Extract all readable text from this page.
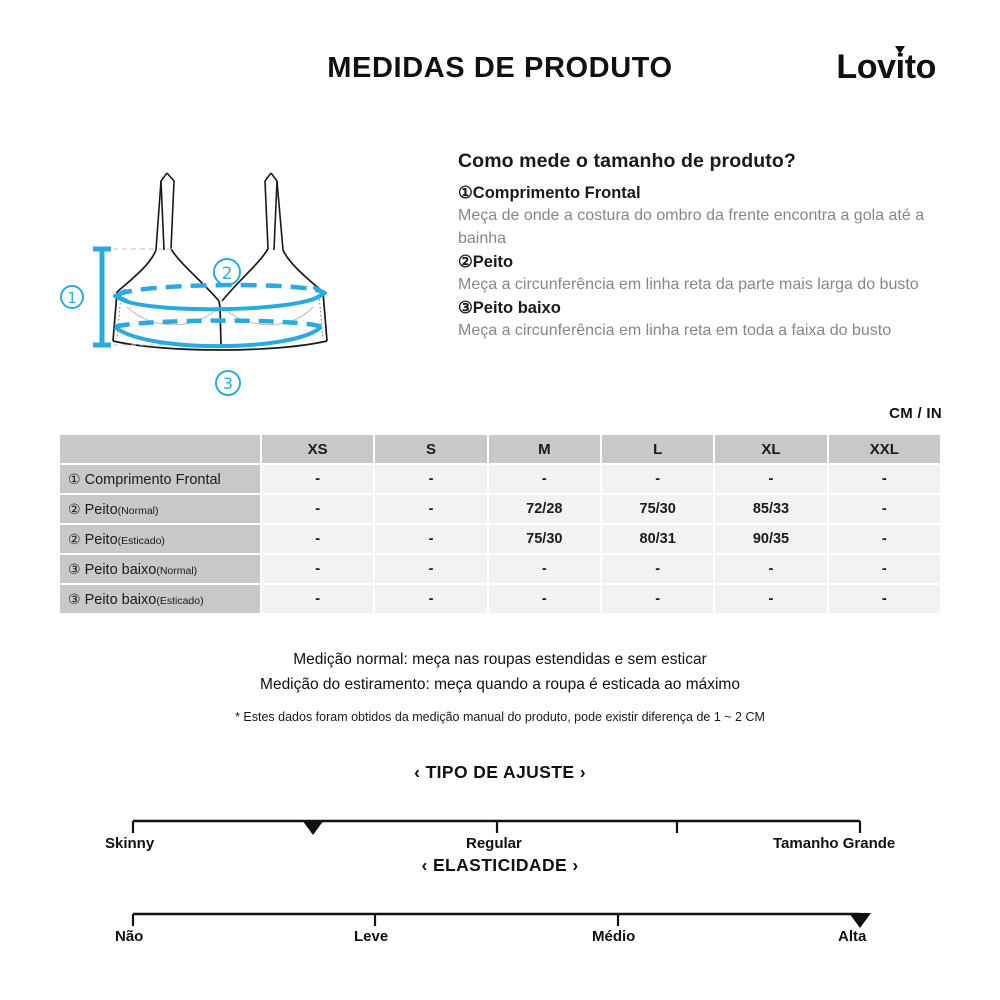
MEDIDAS DE PRODUTO	Lov
ito
1
2
3
Como mede o tamanho de produto?
①Comprimento Frontal
Meça de onde a costura do ombro da frente encontra a gola até a bainha
②Peito
Meça a circunferência em linha reta da parte mais larga do busto
③Peito baixo
Meça a circunferência em linha reta em toda a faixa do busto
CM / IN
	XS	S	M	L	XL	XXL
① Comprimento Frontal	-	-	-	-	-	-
② Peito(Normal)	-	-	72/28	75/30	85/33	-
② Peito(Esticado)	-	-	75/30	80/31	90/35	-
③ Peito baixo(Normal)	-	-	-	-	-	-
③ Peito baixo(Esticado)	-	-	-	-	-	-
Medição normal: meça nas roupas estendidas e sem esticar
Medição do estiramento: meça quando a roupa é esticada ao máximo
* Estes dados foram obtidos da medição manual do produto, pode existir diferença de 1 ~ 2 CM
‹ TIPO DE AJUSTE ›
Skinny	Regular	Tamanho Grande
‹ ELASTICIDADE ›
Não	Leve	Médio	Alta
